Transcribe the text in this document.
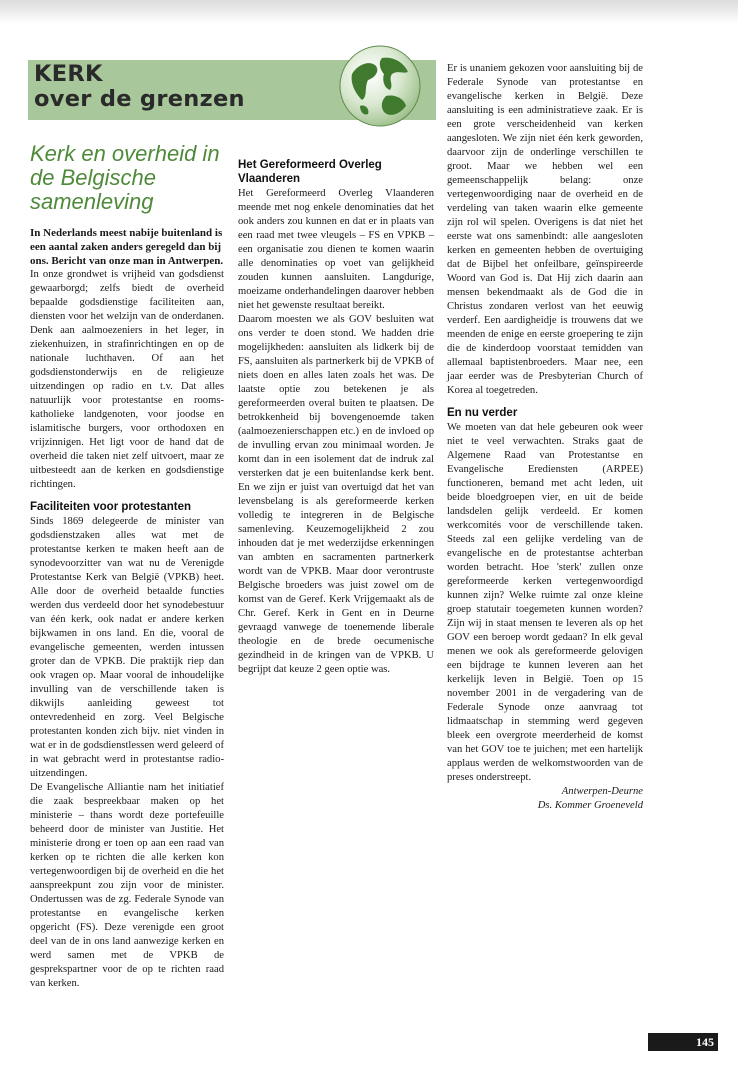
KERK
over de grenzen
Kerk en overheid in de Belgische samenleving

In Nederlands meest nabije buitenland is een aantal zaken anders geregeld dan bij ons. Bericht van onze man in Antwerpen.

In onze grondwet is vrijheid van godsdienst gewaarborgd; zelfs biedt de overheid bepaalde godsdienstige faciliteiten aan, diensten voor het welzijn van de onderdanen. Denk aan aalmoezeniers in het leger, in ziekenhuizen, in strafinrichtingen en op de nationale luchthaven. Of aan het godsdienstonderwijs en de religieuze uitzendingen op radio en t.v. Dat alles natuurlijk voor protestantse en rooms-katholieke landgenoten, voor joodse en islamitische burgers, voor orthodoxen en vrijzinnigen. Het ligt voor de hand dat de overheid die taken niet zelf uitvoert, maar ze uitbesteedt aan de kerken en godsdienstige richtingen.

Faciliteiten voor protestanten

Sinds 1869 delegeerde de minister van godsdienstzaken alles wat met de protestantse kerken te maken heeft aan de synodevoorzitter van wat nu de Verenigde Protestantse Kerk van België (VPKB) heet. Alle door de overheid betaalde functies werden dus verdeeld door het synodebestuur van één kerk, ook nadat er andere kerken bijkwamen in ons land. En die, vooral de evangelische gemeenten, werden intussen groter dan de VPKB. Die praktijk riep dan ook vragen op. Maar vooral de inhoudelijke invulling van de verschillende taken is dikwijls aanleiding geweest tot ontevredenheid en zorg. Veel Belgische protestanten konden zich bijv. niet vinden in wat er in de godsdienstlessen werd geleerd of in wat gebracht werd in protestantse radio-uitzendingen.

De Evangelische Alliantie nam het initiatief die zaak bespreekbaar maken op het ministerie – thans wordt deze portefeuille beheerd door de minister van Justitie. Het ministerie drong er toen op aan een raad van kerken op te richten die alle kerken kon vertegenwoordigen bij de overheid en die het aanspreekpunt zou zijn voor de minister. Ondertussen was de zg. Federale Synode van protestantse en evangelische kerken opgericht (FS). Deze verenigde een groot deel van de in ons land aanwezige kerken en werd samen met de VPKB de gesprekspartner voor de op te richten raad van kerken.

Het Gereformeerd Overleg Vlaanderen

Het Gereformeerd Overleg Vlaanderen meende met nog enkele denominaties dat het ook anders zou kunnen en dat er in plaats van een raad met twee vleugels – FS en VPKB – een organisatie zou dienen te komen waarin alle denominaties op voet van gelijkheid zouden kunnen aansluiten. Langdurige, moeizame onderhandelingen daarover hebben niet het gewenste resultaat bereikt.

Daarom moesten we als GOV besluiten wat ons verder te doen stond. We hadden drie mogelijkheden: aansluiten als lidkerk bij de FS, aansluiten als partnerkerk bij de VPKB of niets doen en alles laten zoals het was. De laatste optie zou betekenen je als gereformeerden overal buiten te plaatsen. De betrokkenheid bij bovengenoemde taken (aalmoezenierschappen etc.) en de invloed op de invulling ervan zou minimaal worden. Je komt dan in een isolement dat de indruk zal versterken dat je een buitenlandse kerk bent. En we zijn er juist van overtuigd dat het van levensbelang is als gereformeerde kerken volledig te integreren in de Belgische samenleving. Keuzemogelijkheid 2 zou inhouden dat je met wederzijdse erkenningen van ambten en sacramenten partnerkerk wordt van de VPKB. Maar door verontruste Belgische broeders was juist zowel om de komst van de Geref. Kerk Vrijgemaakt als de Chr. Geref. Kerk in Gent en in Deurne gevraagd vanwege de toenemende liberale theologie en de brede oecumenische gezindheid in de kringen van de VPKB. U begrijpt dat keuze 2 geen optie was.

Er is unaniem gekozen voor aansluiting bij de Federale Synode van protestantse en evangelische kerken in België. Deze aansluiting is een administratieve zaak. Er is een grote verscheidenheid van kerken aangesloten. We zijn niet één kerk geworden, daarvoor zijn de onderlinge verschillen te groot. Maar we hebben wel een gemeenschappelijk belang: onze vertegenwoordiging naar de overheid en de verdeling van taken waarin elke gemeente zijn rol wil spelen. Overigens is dat niet het eerste wat ons samenbindt: alle aangesloten kerken en gemeenten hebben de overtuiging dat de Bijbel het onfeilbare, geïnspireerde Woord van God is. Dat Hij zich daarin aan mensen bekendmaakt als de God die in Christus zondaren verlost van het eeuwig verderf. Een aardigheidje is trouwens dat we meenden de enige en eerste groepering te zijn die de kinderdoop voorstaat temidden van allemaal baptistenbroeders. Maar nee, een jaar eerder was de Presbyterian Church of Korea al toegetreden.

En nu verder

We moeten van dat hele gebeuren ook weer niet te veel verwachten. Straks gaat de Algemene Raad van Protestantse en Evangelische Erediensten (ARPEE) functioneren, bemand met acht leden, uit beide bloedgroepen vier, en uit de beide landsdelen gelijk verdeeld. Er komen werkcomités voor de verschillende taken. Steeds zal een gelijke verdeling van de evangelische en de protestantse achterban worden betracht. Hoe 'sterk' zullen onze gereformeerde kerken vertegenwoordigd kunnen zijn? Welke ruimte zal onze kleine groep statutair toegemeten kunnen worden? Zijn wij in staat mensen te leveren als op het GOV een beroep wordt gedaan? In elk geval menen we ook als gereformeerde gelovigen een bijdrage te kunnen leveren aan het kerkelijk leven in België. Toen op 15 november 2001 in de vergadering van de Federale Synode onze aanvraag tot lidmaatschap in stemming werd gegeven bleek een overgrote meerderheid de komst van het GOV toe te juichen; met een hartelijk applaus werden de welkomstwoorden van de preses onderstreept.

Antwerpen-Deurne
Ds. Kommer Groeneveld

145
